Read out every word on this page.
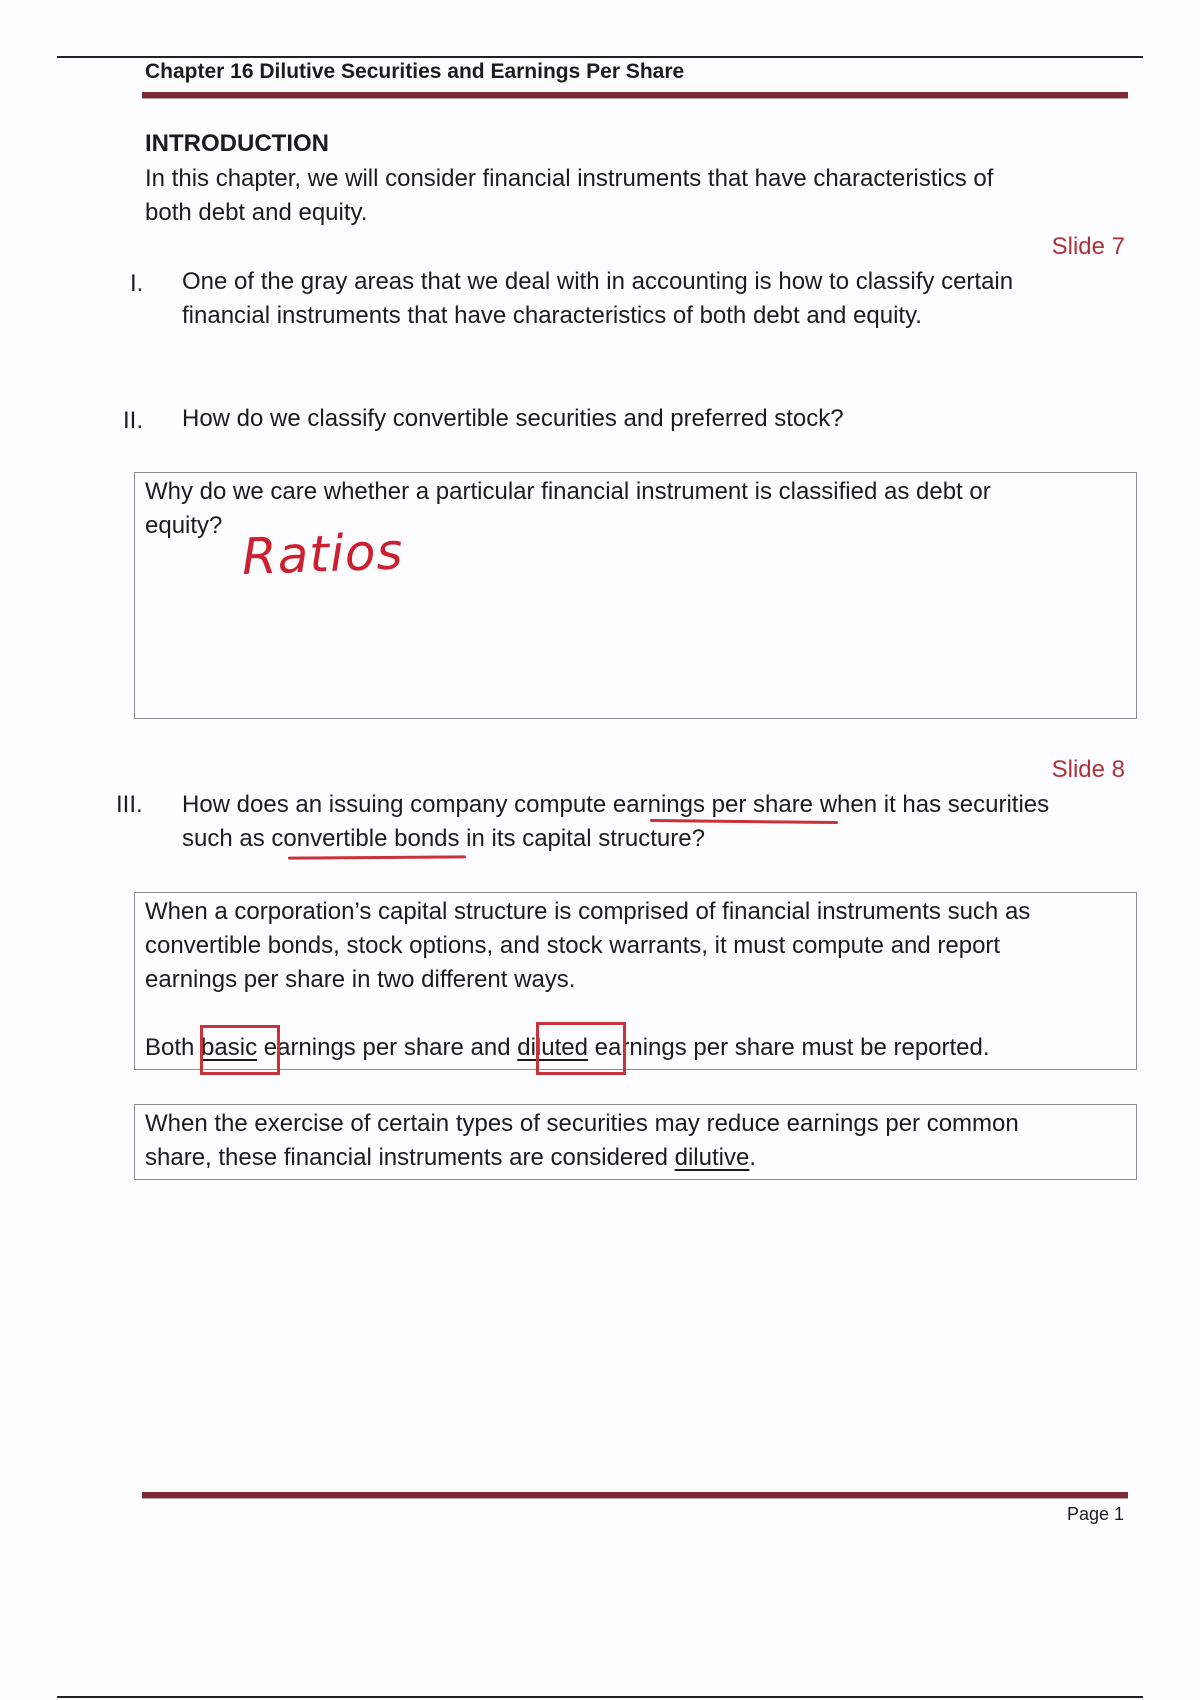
Chapter 16 Dilutive Securities and Earnings Per Share
INTRODUCTION
In this chapter, we will consider financial instruments that have characteristics of
both debt and equity.
Slide 7
I. One of the gray areas that we deal with in accounting is how to classify certain
financial instruments that have characteristics of both debt and equity.
II. How do we classify convertible securities and preferred stock?
Why do we care whether a particular financial instrument is classified as debt or
equity? Ratios
Slide 8
III. How does an issuing company compute earnings per share when it has securities
such as convertible bonds in its capital structure?
When a corporation’s capital structure is comprised of financial instruments such as
convertible bonds, stock options, and stock warrants, it must compute and report
earnings per share in two different ways.
Both basic earnings per share and diluted earnings per share must be reported.
When the exercise of certain types of securities may reduce earnings per common
share, these financial instruments are considered dilutive.
Page 1
